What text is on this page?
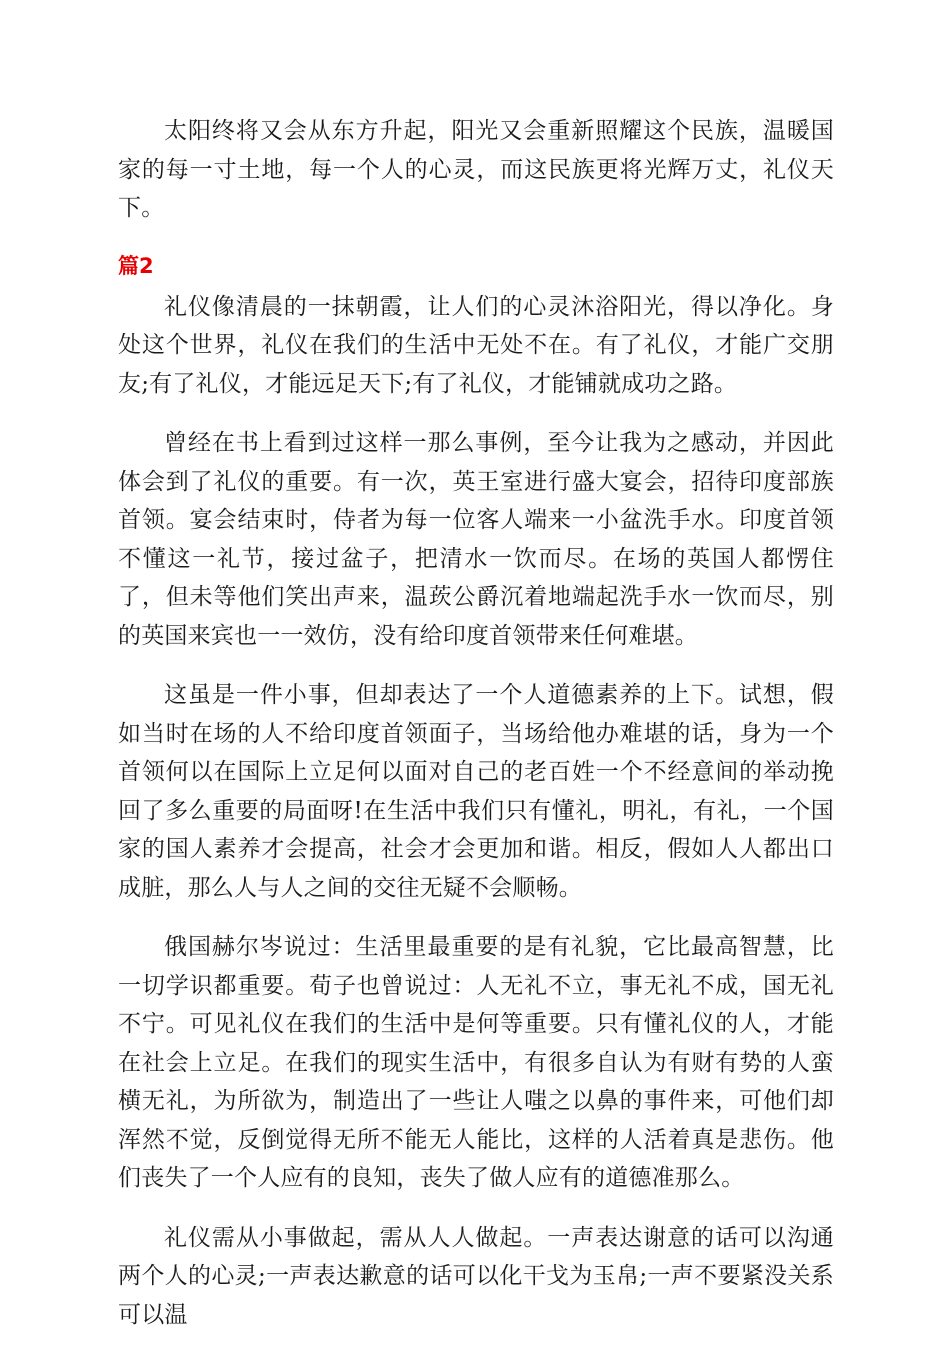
太阳终将又会从东方升起，阳光又会重新照耀这个民族，温暖国家的每一寸土地，每一个人的心灵，而这民族更将光辉万丈，礼仪天下。

篇2

礼仪像清晨的一抹朝霞，让人们的心灵沐浴阳光，得以净化。身处这个世界，礼仪在我们的生活中无处不在。有了礼仪，才能广交朋友;有了礼仪，才能远足天下;有了礼仪，才能铺就成功之路。

曾经在书上看到过这样一那么事例，至今让我为之感动，并因此体会到了礼仪的重要。有一次，英王室进行盛大宴会，招待印度部族首领。宴会结束时，侍者为每一位客人端来一小盆洗手水。印度首领不懂这一礼节，接过盆子，把清水一饮而尽。在场的英国人都愣住了，但未等他们笑出声来，温莰公爵沉着地端起洗手水一饮而尽，别的英国来宾也一一效仿，没有给印度首领带来任何难堪。

这虽是一件小事，但却表达了一个人道德素养的上下。试想，假如当时在场的人不给印度首领面子，当场给他办难堪的话，身为一个首领何以在国际上立足何以面对自己的老百姓一个不经意间的举动挽回了多么重要的局面呀!在生活中我们只有懂礼，明礼，有礼，一个国家的国人素养才会提高，社会才会更加和谐。相反，假如人人都出口成脏，那么人与人之间的交往无疑不会顺畅。

俄国赫尔岑说过：生活里最重要的是有礼貌，它比最高智慧，比一切学识都重要。荀子也曾说过：人无礼不立，事无礼不成，国无礼不宁。可见礼仪在我们的生活中是何等重要。只有懂礼仪的人，才能在社会上立足。在我们的现实生活中，有很多自认为有财有势的人蛮横无礼，为所欲为，制造出了一些让人嗤之以鼻的事件来，可他们却浑然不觉，反倒觉得无所不能无人能比，这样的人活着真是悲伤。他们丧失了一个人应有的良知，丧失了做人应有的道德准那么。

礼仪需从小事做起，需从人人做起。一声表达谢意的话可以沟通两个人的心灵;一声表达歉意的话可以化干戈为玉帛;一声不要紧没关系可以温
